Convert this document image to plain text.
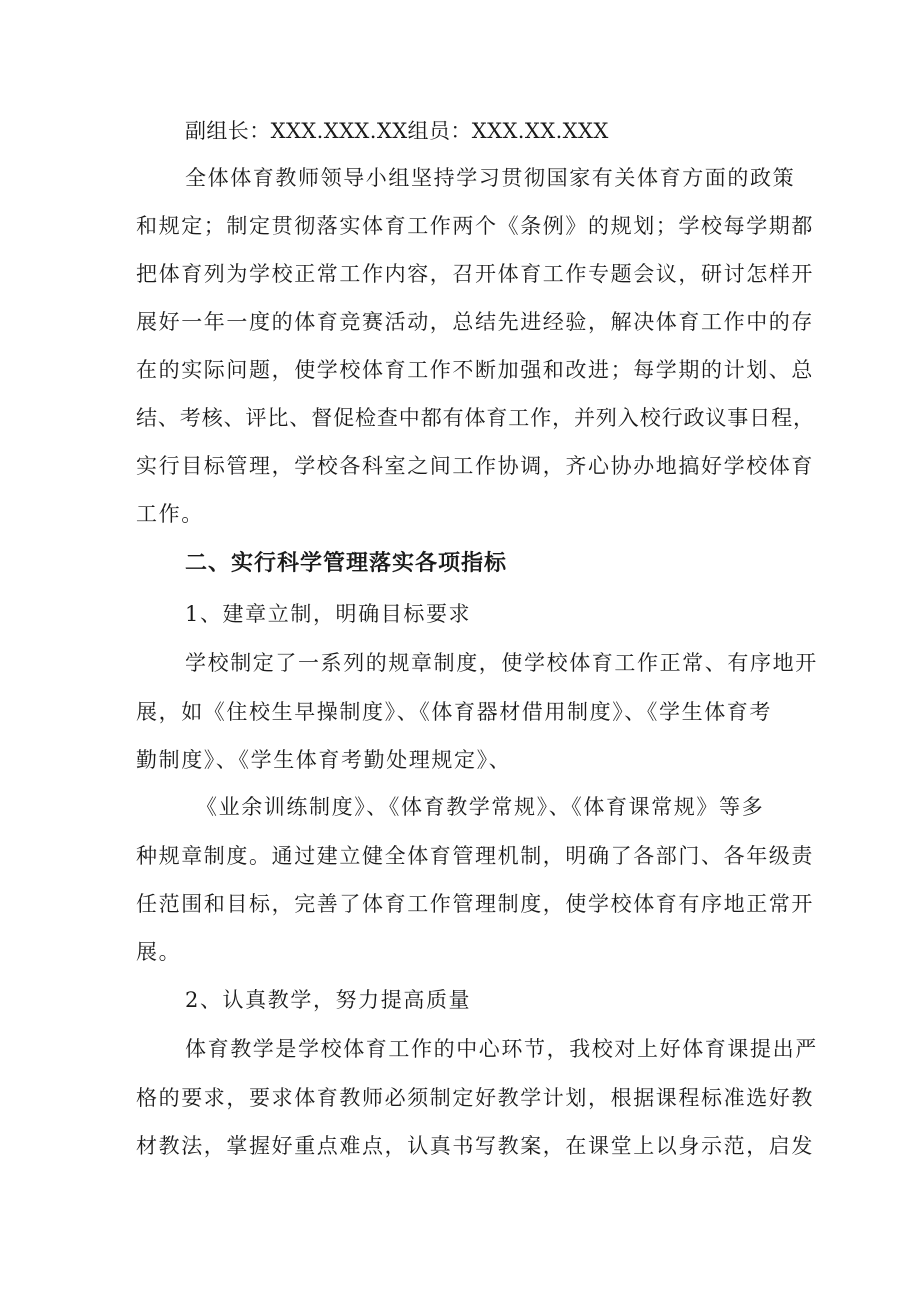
副组长：XXX.XXX.XX组员：XXX.XX.XXX
全体体育教师领导小组坚持学习贯彻国家有关体育方面的政策
和规定；制定贯彻落实体育工作两个《条例》的规划；学校每学期都
把体育列为学校正常工作内容，召开体育工作专题会议，研讨怎样开
展好一年一度的体育竞赛活动，总结先进经验，解决体育工作中的存
在的实际问题，使学校体育工作不断加强和改进；每学期的计划、总
结、考核、评比、督促检查中都有体育工作，并列入校行政议事日程，
实行目标管理，学校各科室之间工作协调，齐心协办地搞好学校体育
工作。
二、实行科学管理落实各项指标
1、建章立制，明确目标要求
学校制定了一系列的规章制度，使学校体育工作正常、有序地开
展，如《住校生早操制度》、《体育器材借用制度》、《学生体育考
勤制度》、《学生体育考勤处理规定》、
《业余训练制度》、《体育教学常规》、《体育课常规》等多
种规章制度。通过建立健全体育管理机制，明确了各部门、各年级责
任范围和目标，完善了体育工作管理制度，使学校体育有序地正常开
展。
2、认真教学，努力提高质量
体育教学是学校体育工作的中心环节，我校对上好体育课提出严
格的要求，要求体育教师必须制定好教学计划，根据课程标准选好教
材教法，掌握好重点难点，认真书写教案，在课堂上以身示范，启发
